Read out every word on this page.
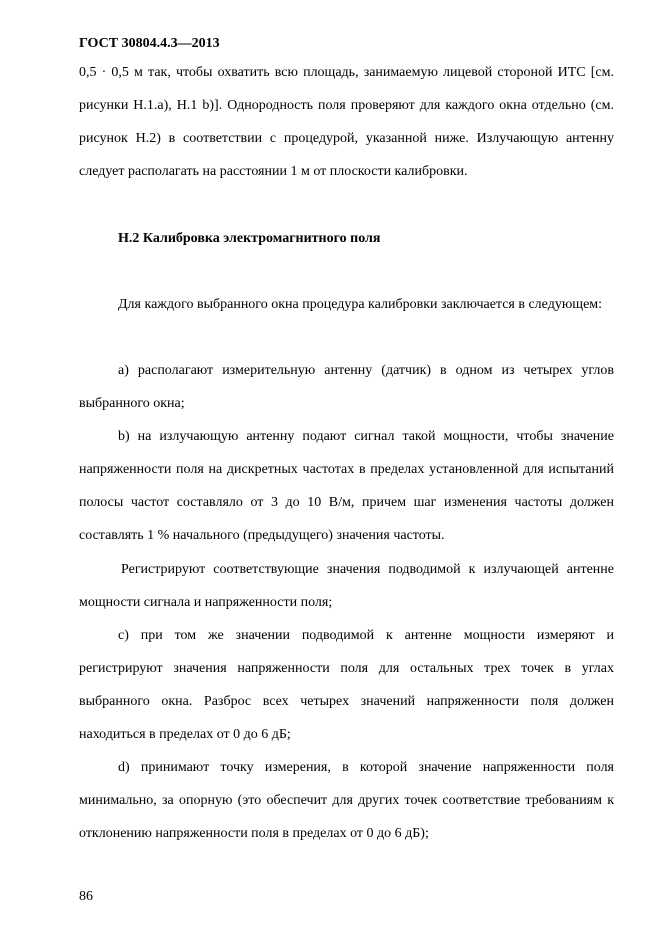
ГОСТ 30804.4.3—2013

0,5 · 0,5 м так, чтобы охватить всю площадь, занимаемую лицевой стороной ИТС [см. рисунки Н.1.а), Н.1 b)]. Однородность поля проверяют для каждого окна отдельно (см. рисунок Н.2) в соответствии с процедурой, указанной ниже. Излучающую антенну следует располагать на расстоянии 1 м от плоскости калибровки.

Н.2 Калибровка электромагнитного поля

Для каждого выбранного окна процедура калибровки заключается в следующем:

a) располагают измерительную антенну (датчик) в одном из четырех углов выбранного окна;

b) на излучающую антенну подают сигнал такой мощности, чтобы значение напряженности поля на дискретных частотах в пределах установленной для испытаний полосы частот составляло от 3 до 10 В/м, причем шаг изменения частоты должен составлять 1 % начального (предыдущего) значения частоты.

Регистрируют соответствующие значения подводимой к излучающей антенне мощности сигнала и напряженности поля;

c) при том же значении подводимой к антенне мощности измеряют и регистрируют значения напряженности поля для остальных трех точек в углах выбранного окна. Разброс всех четырех значений напряженности поля должен находиться в пределах от 0 до 6 дБ;

d) принимают точку измерения, в которой значение напряженности поля минимально, за опорную (это обеспечит для других точек соответствие требованиям к отклонению напряженности поля в пределах от 0 до 6 дБ);

86
